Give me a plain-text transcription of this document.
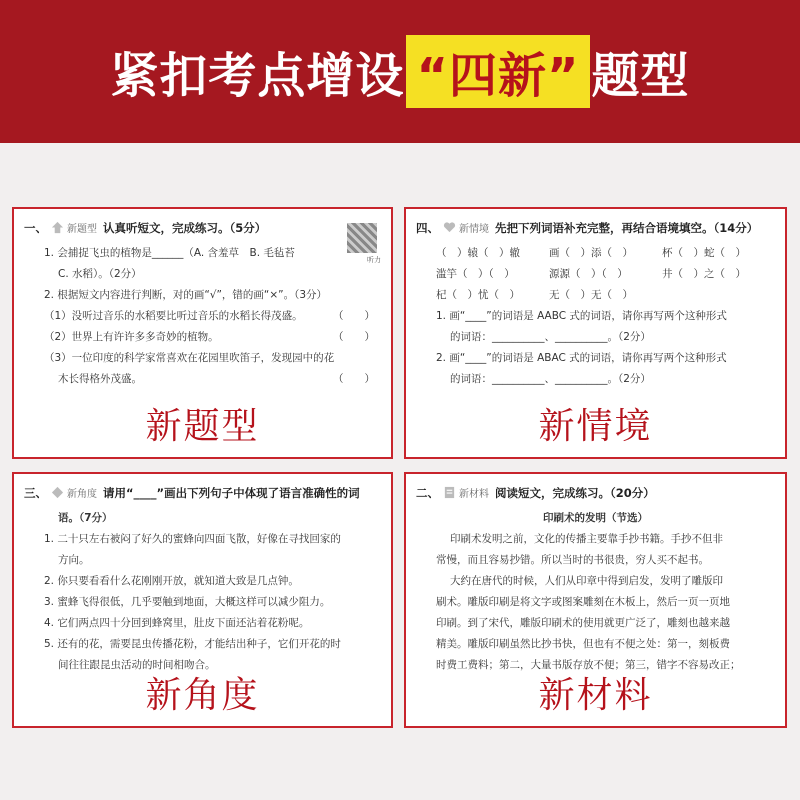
紧扣考点增设 “四新” 题型
一、 新题型 认真听短文，完成练习。（5分）
听力
1. 会捕捉飞虫的植物是______（A. 含羞草　B. 毛毡苔
C. 水稻）。（2分）
2. 根据短文内容进行判断，对的画“√”，错的画“×”。（3分）
（1）没听过音乐的水稻要比听过音乐的水稻长得茂盛。	（　　）
（2）世界上有许许多多奇妙的植物。	（　　）
（3）一位印度的科学家常喜欢在花园里吹笛子，发现园中的花
木长得格外茂盛。	（　　）
新题型
四、 新情境 先把下列词语补充完整，再结合语境填空。（14分）
（　）辕（　）辙	画（　）添（　）	杯（　）蛇（　）
滥竽（　）（　）	源源（　）（　）	井（　）之（　）
杞（　）忧（　）	无（　）无（　）
1. 画“____”的词语是 AABC 式的词语，请你再写两个这种形式
的词语：__________、__________。（2分）
2. 画“____”的词语是 ABAC 式的词语，请你再写两个这种形式
的词语：__________、__________。（2分）
新情境
三、 新角度 请用“____”画出下列句子中体现了语言准确性的词
语。（7分）
1. 二十只左右被闷了好久的蜜蜂向四面飞散，好像在寻找回家的
方向。
2. 你只要看看什么花刚刚开放，就知道大致是几点钟。
3. 蜜蜂飞得很低，几乎要触到地面，大概这样可以减少阻力。
4. 它们两点四十分回到蜂窝里，肚皮下面还沾着花粉呢。
5. 还有的花，需要昆虫传播花粉，才能结出种子，它们开花的时
间往往跟昆虫活动的时间相吻合。
新角度
二、 新材料 阅读短文，完成练习。（20分）
印刷术的发明（节选）
印刷术发明之前，文化的传播主要靠手抄书籍。手抄不但非
常慢，而且容易抄错。所以当时的书很贵，穷人买不起书。
大约在唐代的时候，人们从印章中得到启发，发明了雕版印
刷术。雕版印刷是将文字或图案雕刻在木板上，然后一页一页地
印刷。到了宋代，雕版印刷术的使用就更广泛了，雕刻也越来越
精美。雕版印刷虽然比抄书快，但也有不便之处：第一，刻板费
时费工费料；第二，大量书版存放不便；第三，错字不容易改正；
新材料
